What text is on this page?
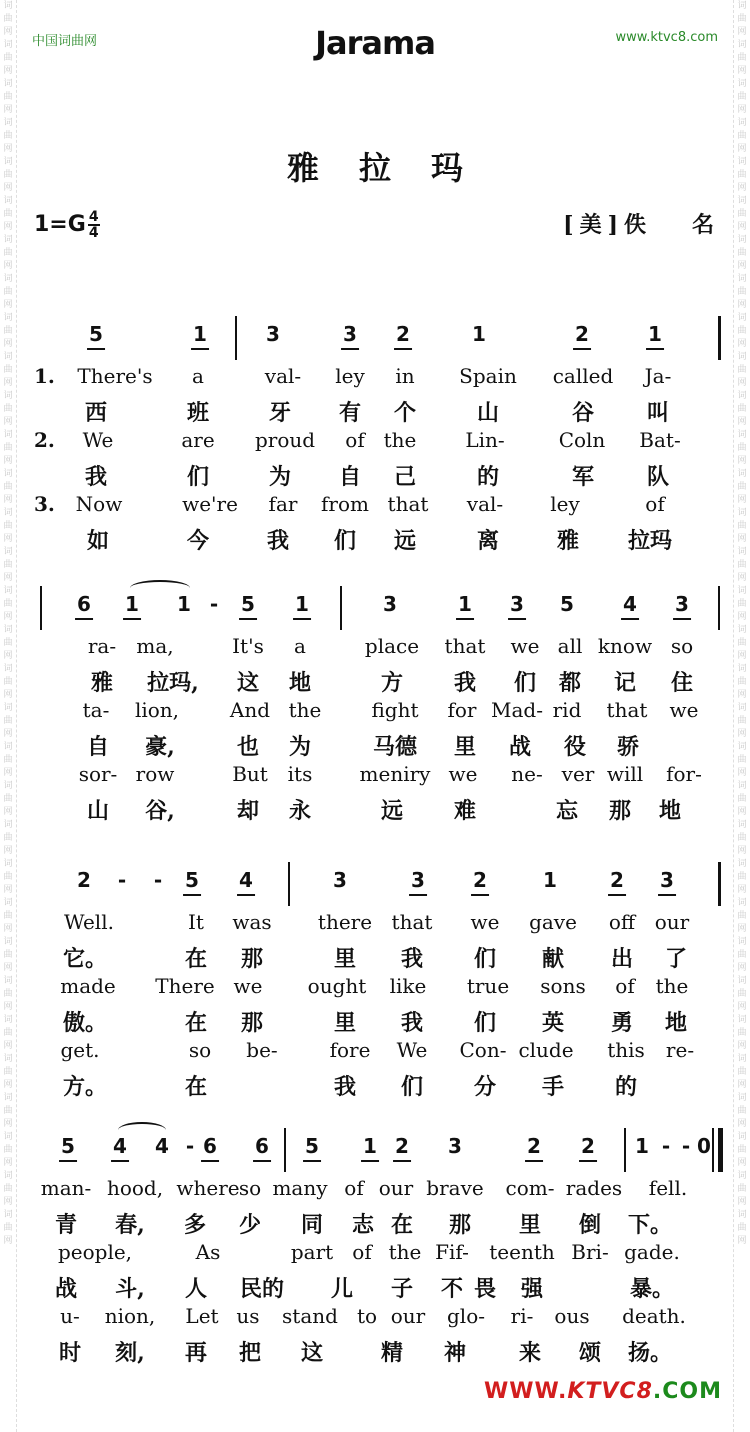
词曲网词曲网词曲网词曲网词曲网词曲网词曲网词曲网词曲网词曲网词曲网词曲网词曲网词曲网词曲网词曲网词曲网词曲网词曲网词曲网词曲网词曲网词曲网词曲网词曲网词曲网词曲网词曲网词曲网词曲网词曲网词曲网
词曲网词曲网词曲网词曲网词曲网词曲网词曲网词曲网词曲网词曲网词曲网词曲网词曲网词曲网词曲网词曲网词曲网词曲网词曲网词曲网词曲网词曲网词曲网词曲网词曲网词曲网词曲网词曲网词曲网词曲网词曲网词曲网
中国词曲网	www.ktvc8.com
Jarama
雅拉玛
$1=G \frac{4}{4}$	[美]佚 名
5	1	3	3 2	1	2	1
1. There's a	val- ley in Spain called Ja-
西	班	牙 有 个	山	谷 叫
2. We	are proud of the Lin-	Coln Bat-
我	们	为 自 己	的	军 队
3. Now	we're far from that val- ley	of
如	今	我 们 远	离	雅 拉玛
6 1 1 - 5 1	3	1 3 5 4 3
ra- ma,	It's a	place that we all know so
雅 拉玛, 这 地	方 我 们 都 记 住
ta- lion,	And the	fight for Mad- rid that we
自 豪,	也 为	马德 里 战 役 骄
sor- row	But its meniry we ne- ver will for-
山 谷,	却 永	远 难	忘 那 地
2 - - 5 4	3	3 2	1	2 3
Well.	It was there that we gave off our
它。	在 那	里 我 们 献 出 了
made There we ought like true sons of the
傲。	在 那	里 我 们 英 勇 地
get.	so be-	fore We Con- clude this re-
方。	在	我 们 分 手 的
5 4 4 - 6 6 5 1 2 3	2 2 1 - - 0
man- hood, where so many of our brave com- rades fell.
青 春, 多 少 同 志 在 那 里 倒 下。
people,	As	part of the Fif- teenth Bri- gade.
战 斗, 人 民的 儿 子 不 畏 强	暴。
u- nion, Let us stand to our glo- ri- ous death.
时 刻, 再 把 这	精 神 来 颂 扬。
WWW.KTVC8.COM
